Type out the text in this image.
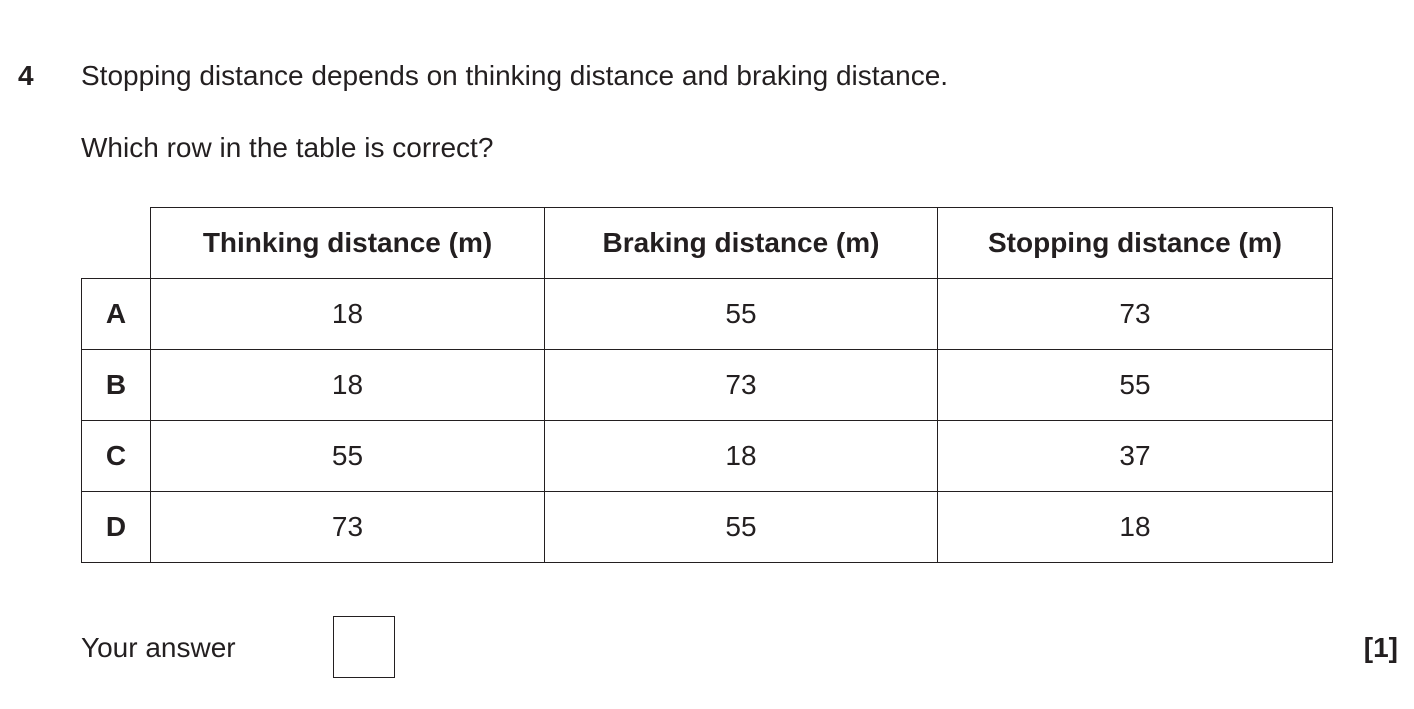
4 Stopping distance depends on thinking distance and braking distance.
Which row in the table is correct?
	Thinking distance (m)	Braking distance (m)	Stopping distance (m)
A	18	55	73
B	18	73	55
C	55	18	37
D	73	55	18
Your answer	[1]
